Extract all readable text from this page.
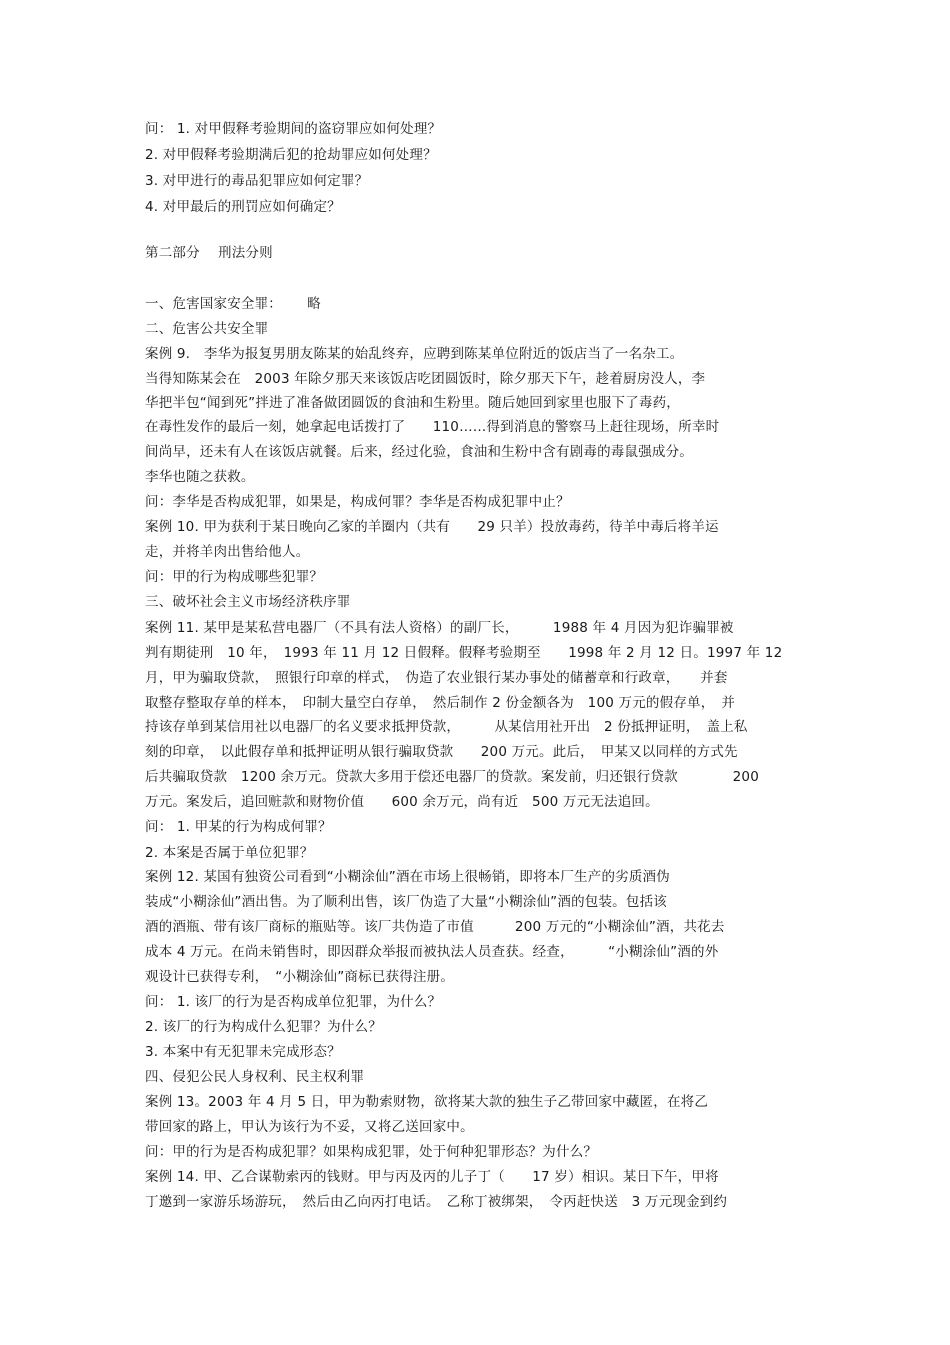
问： 1. 对甲假释考验期间的盗窃罪应如何处理？
2. 对甲假释考验期满后犯的抢劫罪应如何处理？
3. 对甲进行的毒品犯罪应如何定罪？
4. 对甲最后的刑罚应如何确定？
第二部分　 刑法分则
一、危害国家安全罪：　　 略
二、危害公共安全罪
案例 9.　李华为报复男朋友陈某的始乱终弃，应聘到陈某单位附近的饭店当了一名杂工。
当得知陈某会在　2003 年除夕那天来该饭店吃团圆饭时，除夕那天下午，趁着厨房没人，李
华把半包“闻到死”拌进了准备做团圆饭的食油和生粉里。随后她回到家里也服下了毒药，
在毒性发作的最后一刻，她拿起电话拨打了　　110……得到消息的警察马上赶往现场，所幸时
间尚早，还未有人在该饭店就餐。后来，经过化验，食油和生粉中含有剧毒的毒鼠强成分。
李华也随之获救。
问：李华是否构成犯罪，如果是，构成何罪？李华是否构成犯罪中止？
案例 10. 甲为获利于某日晚向乙家的羊圈内（共有　　29 只羊）投放毒药，待羊中毒后将羊运
走，并将羊肉出售给他人。
问：甲的行为构成哪些犯罪？
三、破坏社会主义市场经济秩序罪
案例 11. 某甲是某私营电器厂（不具有法人资格）的副厂长，　　　1988 年 4 月因为犯诈骗罪被
判有期徒刑　10 年，　1993 年 11 月 12 日假释。假释考验期至　　1998 年 2 月 12 日。1997 年 12
月，甲为骗取贷款，　照银行印章的样式，　伪造了农业银行某办事处的储蓄章和行政章，　　并套
取整存整取存单的样本，　印制大量空白存单，　然后制作 2 份金额各为　100 万元的假存单，　并
持该存单到某信用社以电器厂的名义要求抵押贷款，　　　从某信用社开出　2 份抵押证明，　盖上私
刻的印章，　以此假存单和抵押证明从银行骗取贷款　　200 万元。此后，　甲某又以同样的方式先
后共骗取贷款　1200 余万元。贷款大多用于偿还电器厂的贷款。案发前，归还银行贷款　　　　200
万元。案发后，追回赃款和财物价值　　600 余万元，尚有近　500 万元无法追回。
问： 1. 甲某的行为构成何罪？
2. 本案是否属于单位犯罪？
案例 12. 某国有独资公司看到“小糊涂仙”酒在市场上很畅销，即将本厂生产的劣质酒伪
装成“小糊涂仙”酒出售。为了顺利出售，该厂伪造了大量“小糊涂仙”酒的包装。包括该
酒的酒瓶、带有该厂商标的瓶贴等。该厂共伪造了市值　　　200 万元的“小糊涂仙”酒，共花去
成本 4 万元。在尚未销售时，即因群众举报而被执法人员查获。经查，　　　“小糊涂仙”酒的外
观设计已获得专利，　“小糊涂仙”商标已获得注册。
问： 1. 该厂的行为是否构成单位犯罪，为什么？
2. 该厂的行为构成什么犯罪？为什么？
3. 本案中有无犯罪未完成形态？
四、侵犯公民人身权利、民主权利罪
案例 13。2003 年 4 月 5 日，甲为勒索财物，欲将某大款的独生子乙带回家中藏匿，在将乙
带回家的路上，甲认为该行为不妥，又将乙送回家中。
问：甲的行为是否构成犯罪？如果构成犯罪，处于何种犯罪形态？为什么？
案例 14. 甲、乙合谋勒索丙的钱财。甲与丙及丙的儿子丁（　　17 岁）相识。某日下午，甲将
丁邀到一家游乐场游玩，　然后由乙向丙打电话。　乙称丁被绑架，　令丙赶快送　3 万元现金到约
